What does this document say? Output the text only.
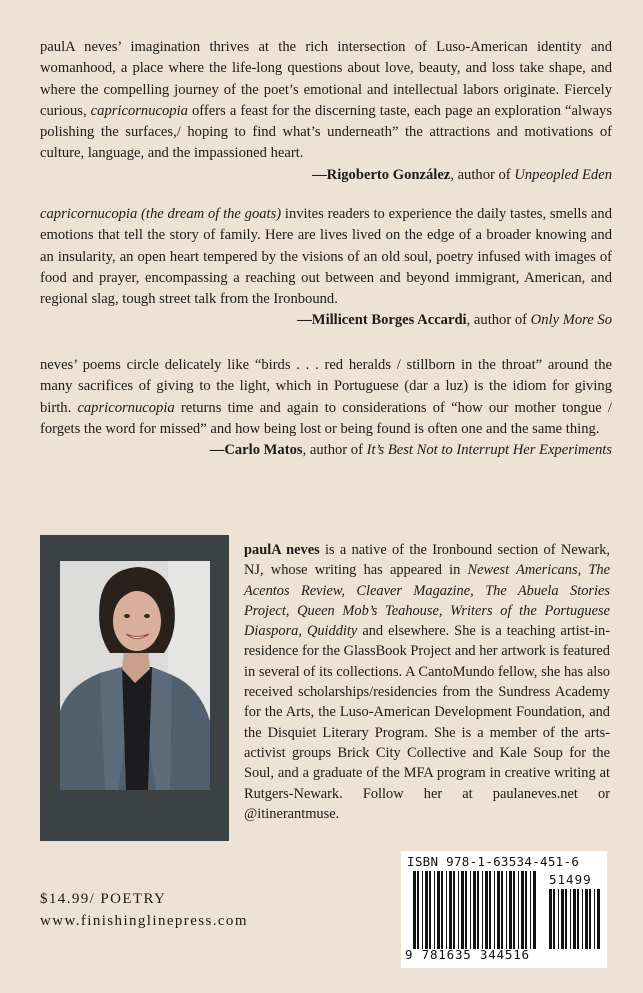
paulA neves’ imagination thrives at the rich intersection of Luso-American identity and womanhood, a place where the life-long questions about love, beauty, and loss take shape, and where the compelling journey of the poet’s emotional and intellectual labors originate. Fiercely curious, capricornucopia offers a feast for the discerning taste, each page an exploration “always polishing the surfaces,/ hoping to find what’s underneath” the attractions and motivations of culture, language, and the impassioned heart.

—Rigoberto González, author of Unpeopled Eden

capricornucopia (the dream of the goats) invites readers to experience the daily tastes, smells and emotions that tell the story of family. Here are lives lived on the edge of a broader knowing and an insularity, an open heart tempered by the visions of an old soul, poetry infused with images of food and prayer, encompassing a reaching out between and beyond immigrant, American, and regional slag, tough street talk from the Ironbound.

—Millicent Borges Accardi, author of Only More So

neves’ poems circle delicately like “birds . . . red heralds / stillborn in the throat” around the many sacrifices of giving to the light, which in Portuguese (dar a luz) is the idiom for giving birth. capricornucopia returns time and again to considerations of “how our mother tongue / forgets the word for missed” and how being lost or being found is often one and the same thing.

—Carlo Matos, author of It’s Best Not to Interrupt Her Experiments

paulA neves is a native of the Ironbound section of Newark, NJ, whose writing has appeared in Newest Americans, The Acentos Review, Cleaver Magazine, The Abuela Stories Project, Queen Mob’s Teahouse, Writers of the Portuguese Diaspora, Quiddity and elsewhere. She is a teaching artist-in-residence for the GlassBook Project and her artwork is featured in several of its collections. A CantoMundo fellow, she has also received scholarships/residencies from the Sundress Academy for the Arts, the Luso-American Development Foundation, and the Disquiet Literary Program. She is a member of the arts-activist groups Brick City Collective and Kale Soup for the Soul, and a graduate of the MFA program in creative writing at Rutgers-Newark. Follow her at paulaneves.net or @itinerantmuse.

$14.99/ POETRY
www.finishinglinepress.com
ISBN 978-1-63534-451-6
51499
9 781635 344516
